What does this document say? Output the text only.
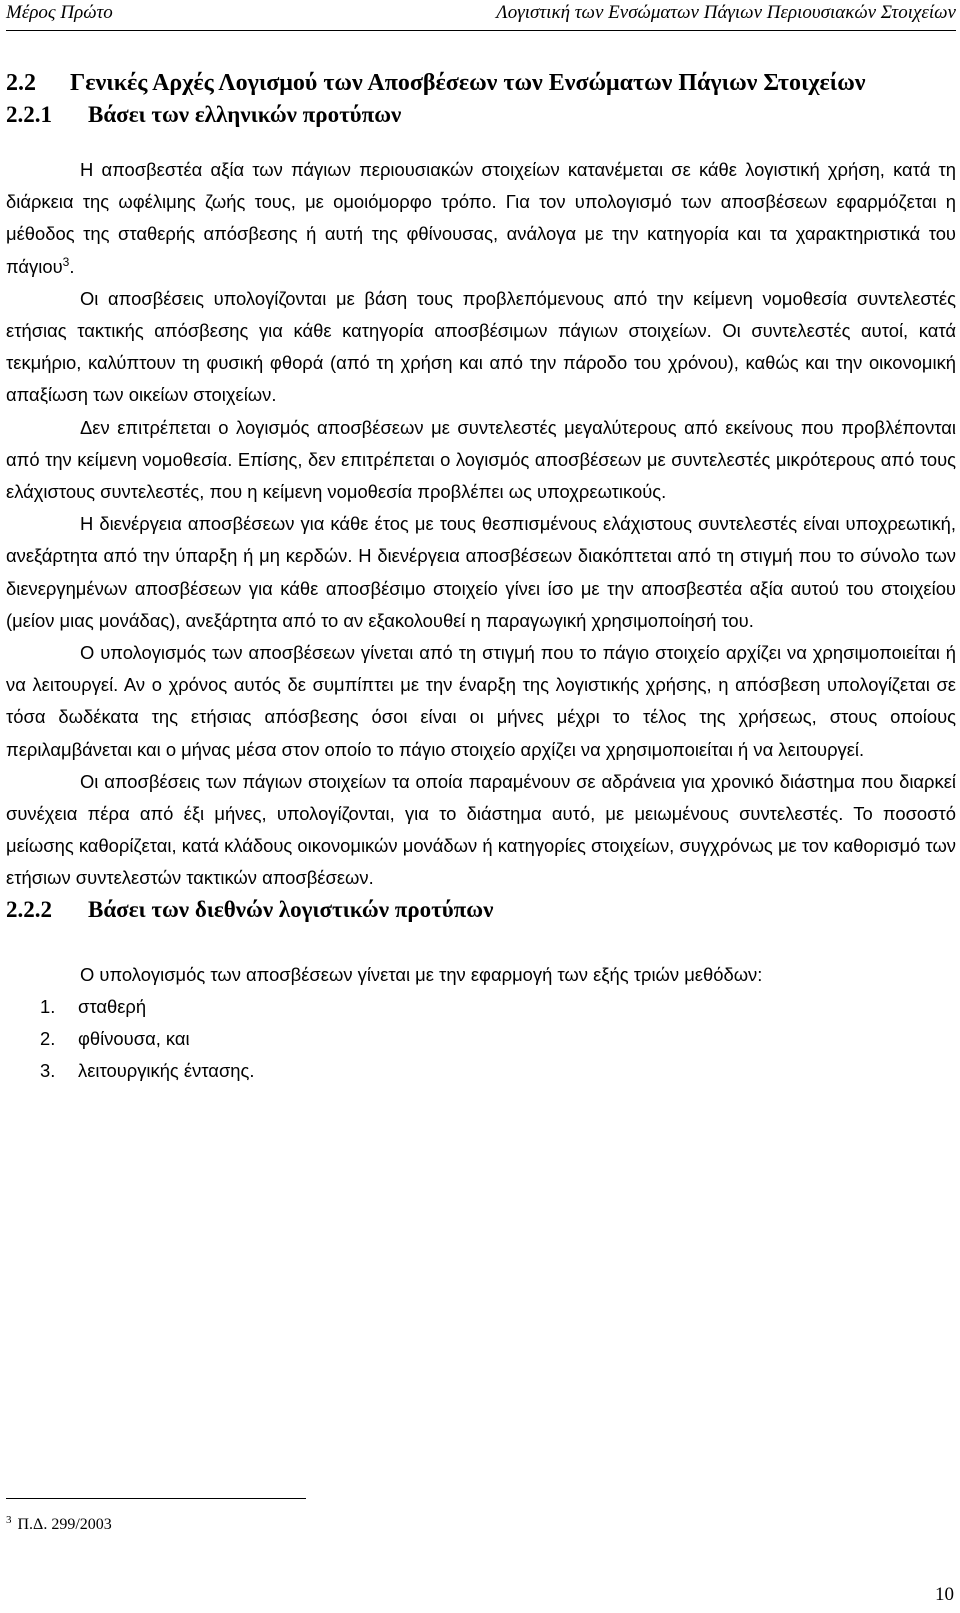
Μέρος Πρώτο	Λογιστική των Ενσώματων Πάγιων Περιουσιακών Στοιχείων
2.2	Γενικές Αρχές Λογισμού των Αποσβέσεων των Ενσώματων Πάγιων Στοιχείων
2.2.1	Βάσει των ελληνικών προτύπων

Η αποσβεστέα αξία των πάγιων περιουσιακών στοιχείων κατανέμεται σε κάθε λογιστική χρήση, κατά τη διάρκεια της ωφέλιμης ζωής τους, με ομοιόμορφο τρόπο. Για τον υπολογισμό των αποσβέσεων εφαρμόζεται η μέθοδος της σταθερής απόσβεσης ή αυτή της φθίνουσας, ανάλογα με την κατηγορία και τα χαρακτηριστικά του πάγιου$^3$.

Οι αποσβέσεις υπολογίζονται με βάση τους προβλεπόμενους από την κείμενη νομοθεσία συντελεστές ετήσιας τακτικής απόσβεσης για κάθε κατηγορία αποσβέσιμων πάγιων στοιχείων. Οι συντελεστές αυτοί, κατά τεκμήριο, καλύπτουν τη φυσική φθορά (από τη χρήση και από την πάροδο του χρόνου), καθώς και την οικονομική απαξίωση των οικείων στοιχείων.

Δεν επιτρέπεται ο λογισμός αποσβέσεων με συντελεστές μεγαλύτερους από εκείνους που προβλέπονται από την κείμενη νομοθεσία. Επίσης, δεν επιτρέπεται ο λογισμός αποσβέσεων με συντελεστές μικρότερους από τους ελάχιστους συντελεστές, που η κείμενη νομοθεσία προβλέπει ως υποχρεωτικούς.

Η διενέργεια αποσβέσεων για κάθε έτος με τους θεσπισμένους ελάχιστους συντελεστές είναι υποχρεωτική, ανεξάρτητα από την ύπαρξη ή μη κερδών. Η διενέργεια αποσβέσεων διακόπτεται από τη στιγμή που το σύνολο των διενεργημένων αποσβέσεων για κάθε αποσβέσιμο στοιχείο γίνει ίσο με την αποσβεστέα αξία αυτού του στοιχείου (μείον μιας μονάδας), ανεξάρτητα από το αν εξακολουθεί η παραγωγική χρησιμοποίησή του.

Ο υπολογισμός των αποσβέσεων γίνεται από τη στιγμή που το πάγιο στοιχείο αρχίζει να χρησιμοποιείται ή να λειτουργεί. Αν ο χρόνος αυτός δε συμπίπτει με την έναρξη της λογιστικής χρήσης, η απόσβεση υπολογίζεται σε τόσα δωδέκατα της ετήσιας απόσβεσης όσοι είναι οι μήνες μέχρι το τέλος της χρήσεως, στους οποίους περιλαμβάνεται και ο μήνας μέσα στον οποίο το πάγιο στοιχείο αρχίζει να χρησιμοποιείται ή να λειτουργεί.

Οι αποσβέσεις των πάγιων στοιχείων τα οποία παραμένουν σε αδράνεια για χρονικό διάστημα που διαρκεί συνέχεια πέρα από έξι μήνες, υπολογίζονται, για το διάστημα αυτό, με μειωμένους συντελεστές. Το ποσοστό μείωσης καθορίζεται, κατά κλάδους οικονομικών μονάδων ή κατηγορίες στοιχείων, συγχρόνως με τον καθορισμό των ετήσιων συντελεστών τακτικών αποσβέσεων.

2.2.2	Βάσει των διεθνών λογιστικών προτύπων

Ο υπολογισμός των αποσβέσεων γίνεται με την εφαρμογή των εξής τριών μεθόδων:

1.	σταθερή
2.	φθίνουσα, και
3.	λειτουργικής έντασης.
$^3$ Π.Δ. 299/2003
10
